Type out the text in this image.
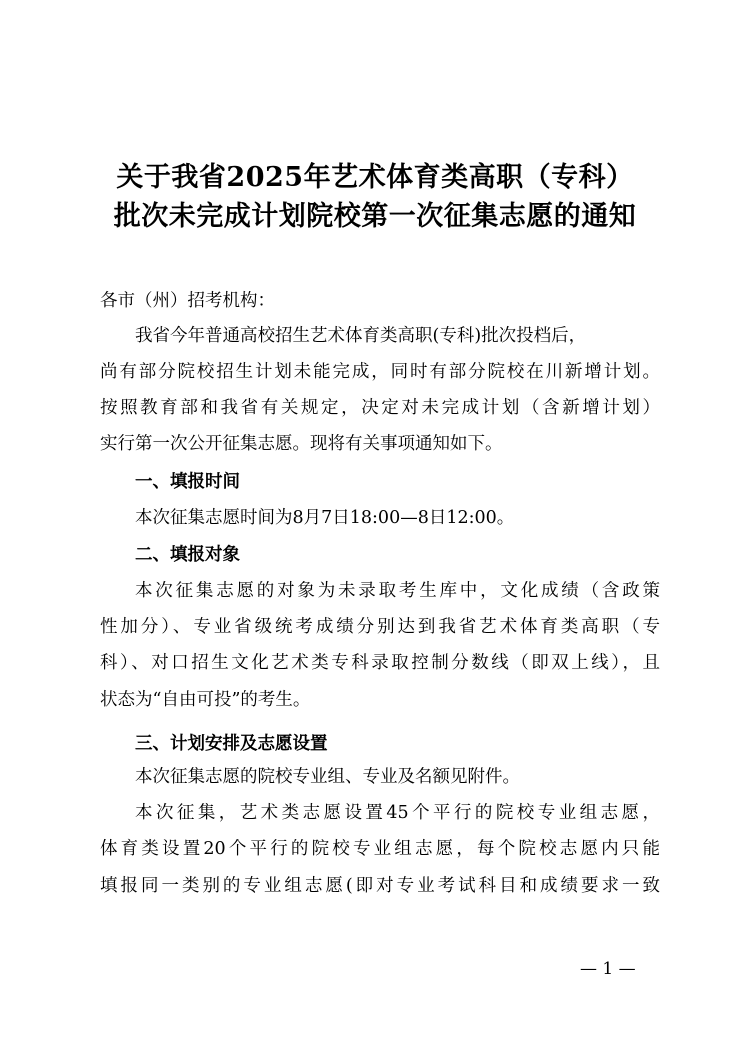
关于我省2025年艺术体育类高职（专科）
批次未完成计划院校第一次征集志愿的通知
各市（州）招考机构：
我省今年普通高校招生艺术体育类高职(专科)批次投档后，
尚有部分院校招生计划未能完成，同时有部分院校在川新增计划。
按照教育部和我省有关规定，决定对未完成计划（含新增计划）
实行第一次公开征集志愿。现将有关事项通知如下。
一、填报时间
本次征集志愿时间为8月7日18:00—8日12:00。
二、填报对象
本次征集志愿的对象为未录取考生库中，文化成绩（含政策
性加分）、专业省级统考成绩分别达到我省艺术体育类高职（专
科）、对口招生文化艺术类专科录取控制分数线（即双上线），且
状态为“自由可投”的考生。
三、计划安排及志愿设置
本次征集志愿的院校专业组、专业及名额见附件。
本次征集，艺术类志愿设置45个平行的院校专业组志愿，
体育类设置20个平行的院校专业组志愿，每个院校志愿内只能
填报同一类别的专业组志愿(即对专业考试科目和成绩要求一致
— 1 —
